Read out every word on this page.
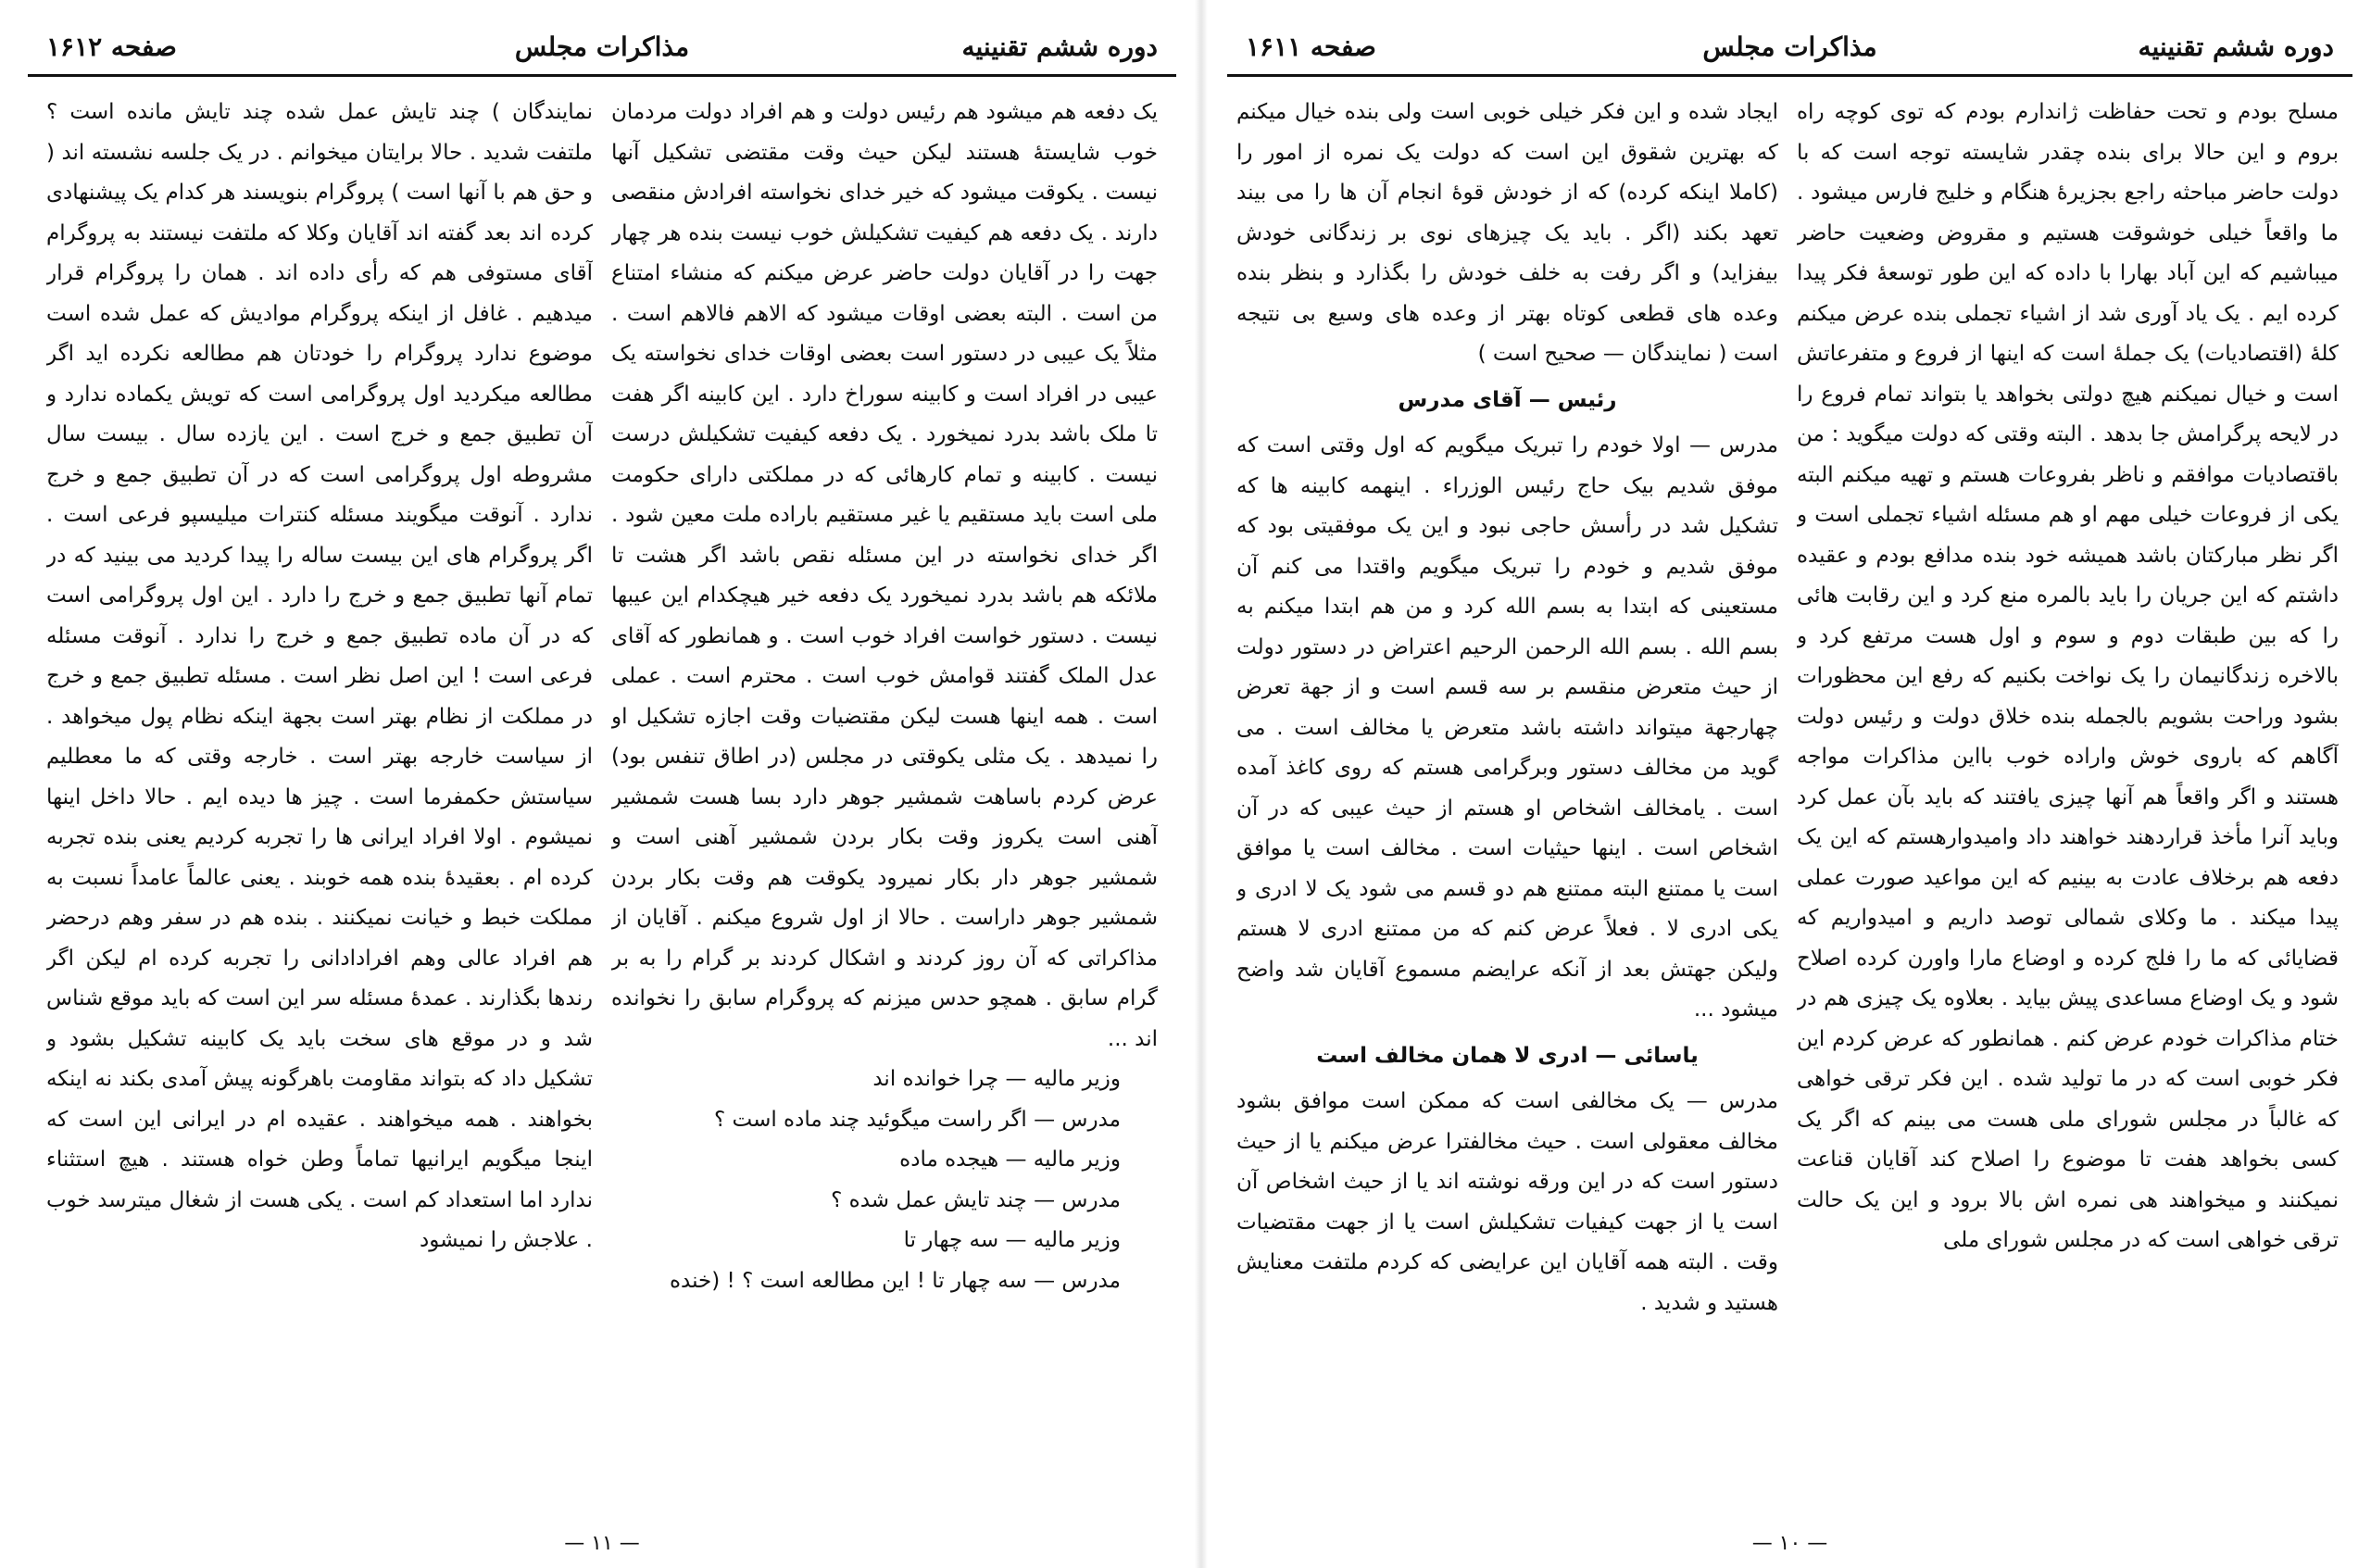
صفحه ۱۶۱۲	مذاکرات مجلس	دوره ششم تقنینیه

یک دفعه هم میشود هم رئیس دولت و هم افراد دولت مردمان خوب شایستهٔ هستند لیکن حیث وقت مقتضی تشکیل آنها نیست . یکوقت میشود که خیر خدای نخواسته افرادش منقصی دارند . یک دفعه هم کیفیت تشکیلش خوب نیست بنده هر چهار جهت را در آقایان دولت حاضر عرض میکنم که منشاء امتناع من است . البته بعضی اوقات میشود که الاهم فالاهم است . مثلاً یک عیبی در دستور است بعضی اوقات خدای نخواسته یک عیبی در افراد است و کابینه سوراخ دارد . این کابینه اگر هفت تا ملک باشد بدرد نمیخورد . یک دفعه کیفیت تشکیلش درست نیست . کابینه و تمام کارهائی که در مملکتی دارای حکومت ملی است باید مستقیم یا غیر مستقیم باراده ملت معین شود . اگر خدای نخواسته در این مسئله نقص باشد اگر هشت تا ملائکه هم باشد بدرد نمیخورد یک دفعه خیر هیچکدام این عیبها نیست . دستور خواست افراد خوب است . و همانطور که آقای عدل الملک گفتند قوامش خوب است . محترم است . عملی است . همه اینها هست لیکن مقتضیات وقت اجازه تشکیل او را نمیدهد . یک مثلی یکوقتی در مجلس (در اطاق تنفس بود) عرض کردم باساهت شمشیر جوهر دارد بسا هست شمشیر آهنی است یکروز وقت بکار بردن شمشیر آهنی است و شمشیر جوهر دار بکار نمیرود یکوقت هم وقت بکار بردن شمشیر جوهر داراست . حالا از اول شروع میکنم . آقایان از مذاکراتی که آن روز کردند و اشکال کردند بر گرام را به بر گرام سابق . همچو حدس میزنم که پروگرام سابق را نخوانده اند ...

وزیر مالیه — چرا خوانده اند

مدرس — اگر راست میگوئید چند ماده است ؟

وزیر مالیه — هیجده ماده

مدرس — چند تایش عمل شده ؟

وزیر مالیه — سه چهار تا

مدرس — سه چهار تا ! این مطالعه است ؟ ! (خنده

نمایندگان ) چند تایش عمل شده چند تایش مانده است ؟ ملتفت شدید . حالا برایتان میخوانم . در یک جلسه نشسته اند ( و حق هم با آنها است ) پروگرام بنویسند هر کدام یک پیشنهادی کرده اند بعد گفته اند آقایان وکلا که ملتفت نیستند به پروگرام آقای مستوفی هم که رأی داده اند . همان را پروگرام قرار میدهیم . غافل از اینکه پروگرام موادیش که عمل شده است موضوع ندارد پروگرام را خودتان هم مطالعه نکرده اید اگر مطالعه میکردید اول پروگرامی است که تویش یکماده ندارد و آن تطبیق جمع و خرج است . این یازده سال . بیست سال مشروطه اول پروگرامی است که در آن تطبیق جمع و خرج ندارد . آنوقت میگویند مسئله کنترات میلیسپو فرعی است . اگر پروگرام های این بیست ساله را پیدا کردید می بینید که در تمام آنها تطبیق جمع و خرج را دارد . این اول پروگرامی است که در آن ماده تطبیق جمع و خرج را ندارد . آنوقت مسئله فرعی است ! این اصل نظر است . مسئله تطبیق جمع و خرج در مملکت از نظام بهتر است بجهة اینکه نظام پول میخواهد . از سیاست خارجه بهتر است . خارجه وقتی که ما معطلیم سیاستش حکمفرما است . چیز ها دیده ایم . حالا داخل اینها نمیشوم . اولا افراد ایرانی ها را تجربه کردیم یعنی بنده تجربه کرده ام . بعقیدهٔ بنده همه خوبند . یعنی عالماً عامداً نسبت به مملکت خبط و خیانت نمیکنند . بنده هم در سفر وهم درحضر هم افراد عالی وهم افرادادانی را تجربه کرده ام لیکن اگر رندها بگذارند . عمدهٔ مسئله سر این است که باید موقع شناس شد و در موقع های سخت باید یک کابینه تشکیل بشود و تشکیل داد که بتواند مقاومت باهرگونه پیش آمدی بکند نه اینکه بخواهند . همه میخواهند . عقیده ام در ایرانی این است که اینجا میگویم ایرانیها تماماً وطن خواه هستند . هیچ استثناء ندارد اما استعداد کم است . یکی هست از شغال میترسد خوب . علاجش را نمیشود

— ۱۱ —
صفحه ۱۶۱۱	مذاکرات مجلس	دوره ششم تقنینیه

مسلح بودم و تحت حفاظت ژاندارم بودم که توی کوچه راه بروم و این حالا برای بنده چقدر شایسته توجه است که با دولت حاضر مباحثه راجع بجزیرهٔ هنگام و خلیج فارس میشود . ما واقعاً خیلی خوشوقت هستیم و مقروض وضعیت حاضر میباشیم که این آباد بهارا با داده که این طور توسعهٔ فکر پیدا کرده ایم . یک یاد آوری شد از اشیاء تجملی بنده عرض میکنم کلهٔ (اقتصادیات) یک جملهٔ است که اینها از فروع و متفرعاتش است و خیال نمیکنم هیچ دولتی بخواهد یا بتواند تمام فروع را در لایحه پرگرامش جا بدهد . البته وقتی که دولت میگوید : من باقتصادیات موافقم و ناظر بفروعات هستم و تهیه میکنم البته یکی از فروعات خیلی مهم او هم مسئله اشیاء تجملی است و اگر نظر مبارکتان باشد همیشه خود بنده مدافع بودم و عقیده داشتم که این جریان را باید بالمره منع کرد و این رقابت هائی را که بین طبقات دوم و سوم و اول هست مرتفع کرد و بالاخره زندگانیمان را یک نواخت بکنیم که رفع این محظورات بشود وراحت بشویم بالجمله بنده خلاق دولت و رئیس دولت آگاهم که باروی خوش واراده خوب بااین مذاکرات مواجه هستند و اگر واقعاً هم آنها چیزی یافتند که باید بآن عمل کرد وباید آنرا مأخذ قراردهند خواهند داد وامیدوارهستم که این یک دفعه هم برخلاف عادت به بینیم که این مواعید صورت عملی پیدا میکند . ما وکلای شمالی توصد داریم و امیدواریم که قضایائی که ما را فلج کرده و اوضاع مارا واورن کرده اصلاح شود و یک اوضاع مساعدی پیش بیاید . بعلاوه یک چیزی هم در ختام مذاکرات خودم عرض کنم . همانطور که عرض کردم این فکر خوبی است که در ما تولید شده . این فکر ترقی خواهی که غالباً در مجلس شورای ملی هست می بینم که اگر یک کسی بخواهد هفت تا موضوع را اصلاح کند آقایان قناعت نمیکنند و میخواهند هی نمره اش بالا برود و این یک حالت ترقی خواهی است که در مجلس شورای ملی

ایجاد شده و این فکر خیلی خوبی است ولی بنده خیال میکنم که بهترین شقوق این است که دولت یک نمره از امور را (کاملا اینکه کرده) که از خودش قوهٔ انجام آن ها را می بیند تعهد بکند (اگر . باید یک چیزهای نوی بر زندگانی خودش بیفزاید) و اگر رفت به خلف خودش را بگذارد و بنظر بنده وعده های قطعی کوتاه بهتر از وعده های وسیع بی نتیجه است ( نمایندگان — صحیح است )

رئیس — آقای مدرس

مدرس — اولا خودم را تبریک میگویم که اول وقتی است که موفق شدیم بیک حاج رئیس الوزراء . اینهمه کابینه ها که تشکیل شد در رأسش حاجی نبود و این یک موفقیتی بود که موفق شدیم و خودم را تبریک میگویم واقتدا می کنم آن مستعینی که ابتدا به بسم الله کرد و من هم ابتدا میکنم به بسم الله . بسم الله الرحمن الرحیم اعتراض در دستور دولت از حیث متعرض منقسم بر سه قسم است و از جهة تعرض چهارجهة میتواند داشته باشد متعرض یا مخالف است . می گوید من مخالف دستور وبرگرامی هستم که روی کاغذ آمده است . یامخالف اشخاص او هستم از حیث عیبی که در آن اشخاص است . اینها حیثیات است . مخالف است یا موافق است یا ممتنع البته ممتنع هم دو قسم می شود یک لا ادری و یکی ادری لا . فعلاً عرض کنم که من ممتنع ادری لا هستم ولیکن جهتش بعد از آنکه عرایضم مسموع آقایان شد واضح میشود ...

یاسائی — ادری لا همان مخالف است

مدرس — یک مخالفی است که ممکن است موافق بشود مخالف معقولی است . حیث مخالفترا عرض میکنم یا از حیث دستور است که در این ورقه نوشته اند یا از حیث اشخاص آن است یا از جهت کیفیات تشکیلش است یا از جهت مقتضیات وقت . البته همه آقایان این عرایضی که کردم ملتفت معنایش هستید و شدید .

— ۱۰ —
